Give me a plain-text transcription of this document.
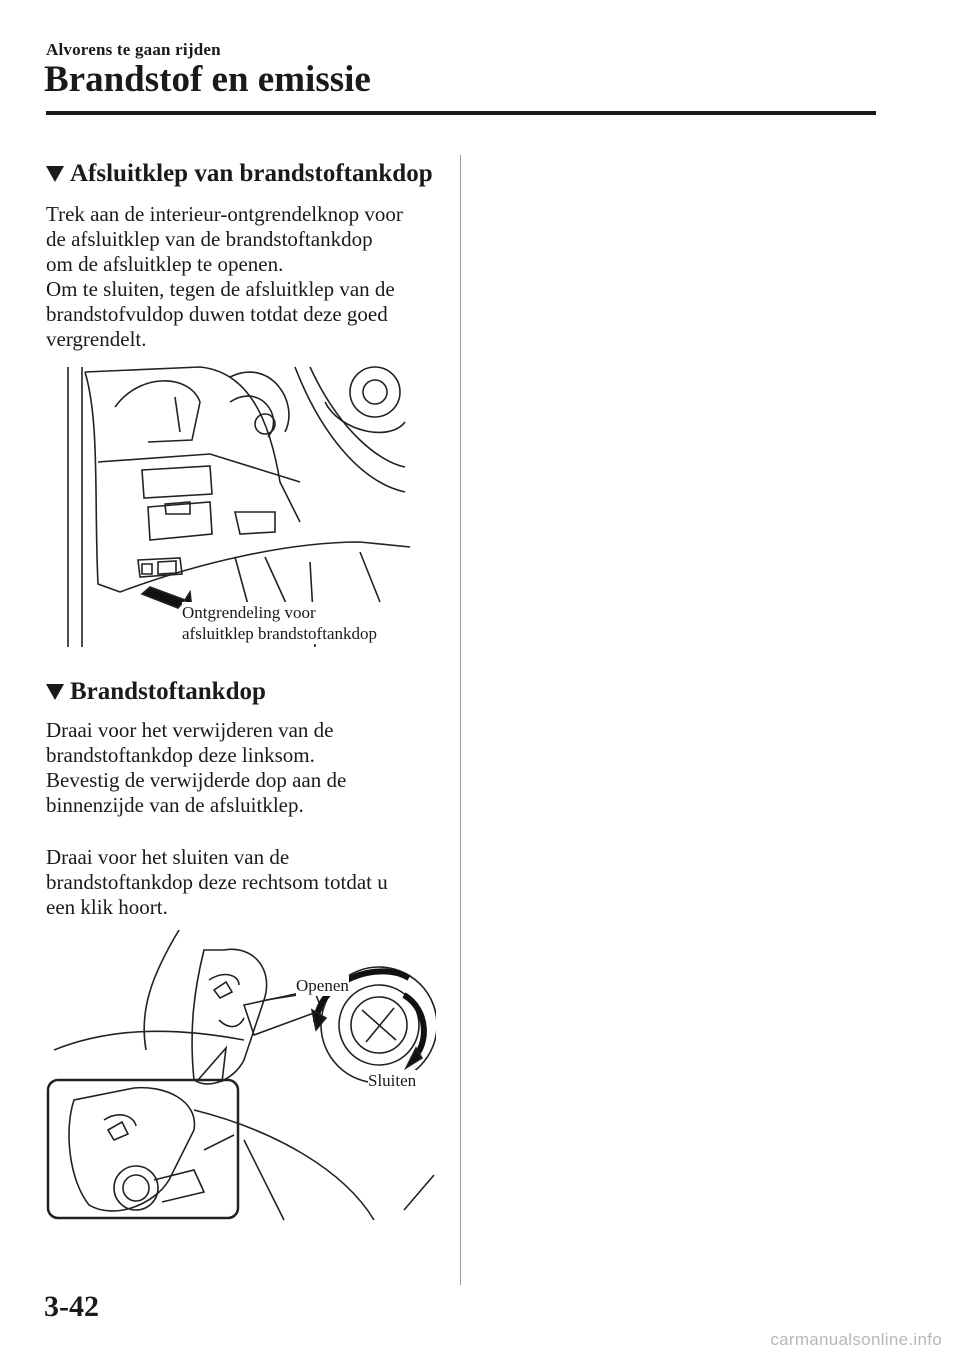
Alvorens te gaan rijden
Brandstof en emissie
Afsluitklep van brandstoftankdop

Trek aan de interieur-ontgrendelknop voor
de afsluitklep van de brandstoftankdop
om de afsluitklep te openen.
Om te sluiten, tegen de afsluitklep van de
brandstofvuldop duwen totdat deze goed
vergrendelt.

Ontgrendeling voor
afsluitklep brandstoftankdop
Brandstoftankdop

Draai voor het verwijderen van de
brandstoftankdop deze linksom.
Bevestig de verwijderde dop aan de
binnenzijde van de afsluitklep.

Draai voor het sluiten van de
brandstoftankdop deze rechtsom totdat u
een klik hoort.

Openen
Sluiten
3-42
carmanualsonline.info
